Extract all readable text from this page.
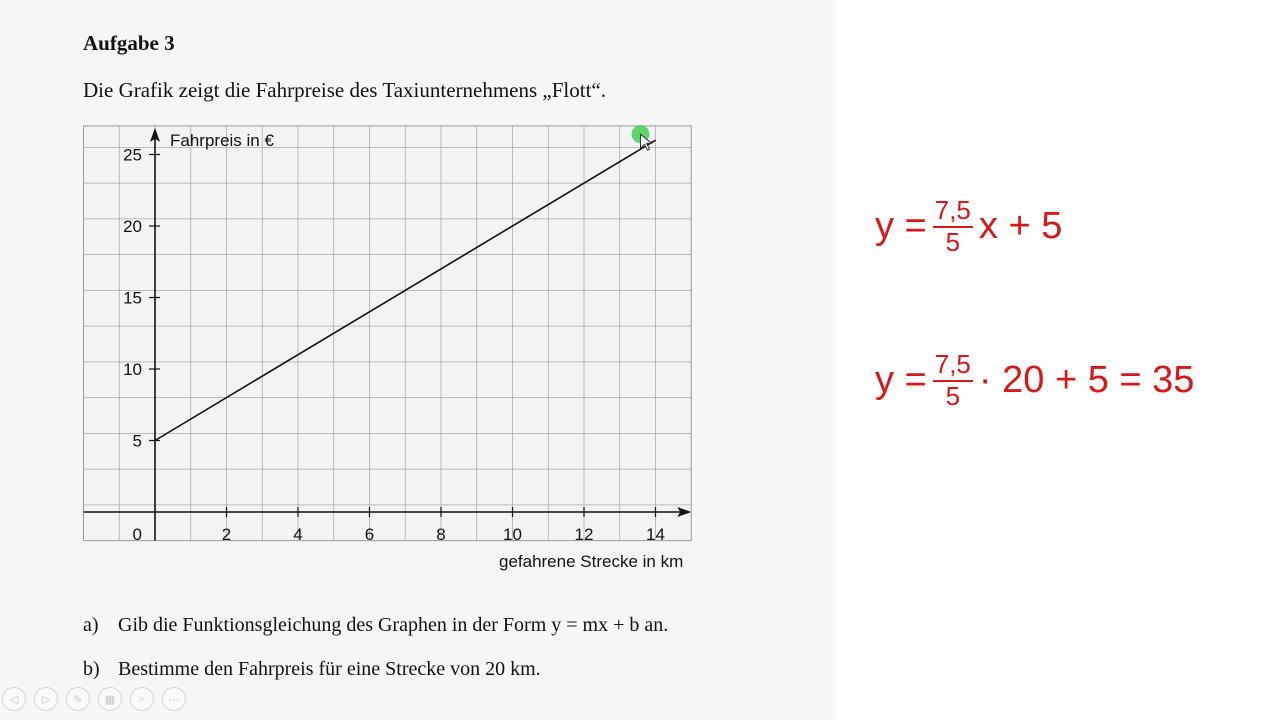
Aufgabe 3
Die Grafik zeigt die Fahrpreise des Taxiunternehmens „Flott“.
2	4	6	8	10	12	14
5
10
15
20
25
0
Fahrpreis in €
gefahrene Strecke in km
a) Gib die Funktionsgleichung des Graphen in der Form y = mx + b an.
b) Bestimme den Fahrpreis für eine Strecke von 20 km.
$y = \frac{7,5}{5}$ x + 5
$y = \frac{7,5}{5} \cdot 20 + 5 = 35$
◁ ▷ ✎ ▦ ⌕ ⋯
